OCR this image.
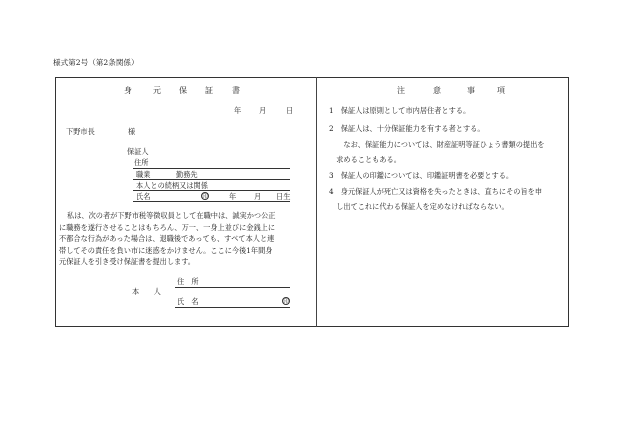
様式第2号（第2条関係）
身	元 保 証 書
年 月	日
下野市長	様
保証人
住所
職業	勤務先
本人との続柄又は関係
氏名	印	年 月 日生
私は、次の者が下野市税等徴収員として在職中は、誠実かつ公正
に職務を遂行させることはもちろん、万一、一身上並びに金銭上に
不都合な行為があった場合は、退職後であっても、すべて本人と連
帯してその責任を負い市に迷惑をかけません。ここに今後1年間身
元保証人を引き受け保証書を提出します。
住　所
本　　人
氏　名	印
注	意	事	項
1　保証人は原則として市内居住者とする。
2　保証人は、十分保証能力を有する者とする。
　　なお、保証能力については、財産証明等証ひょう書類の提出を
　求めることもある。
3　保証人の印鑑については、印鑑証明書を必要とする。
4　身元保証人が死亡又は資格を失ったときは、直ちにその旨を申
　し出てこれに代わる保証人を定めなければならない。
